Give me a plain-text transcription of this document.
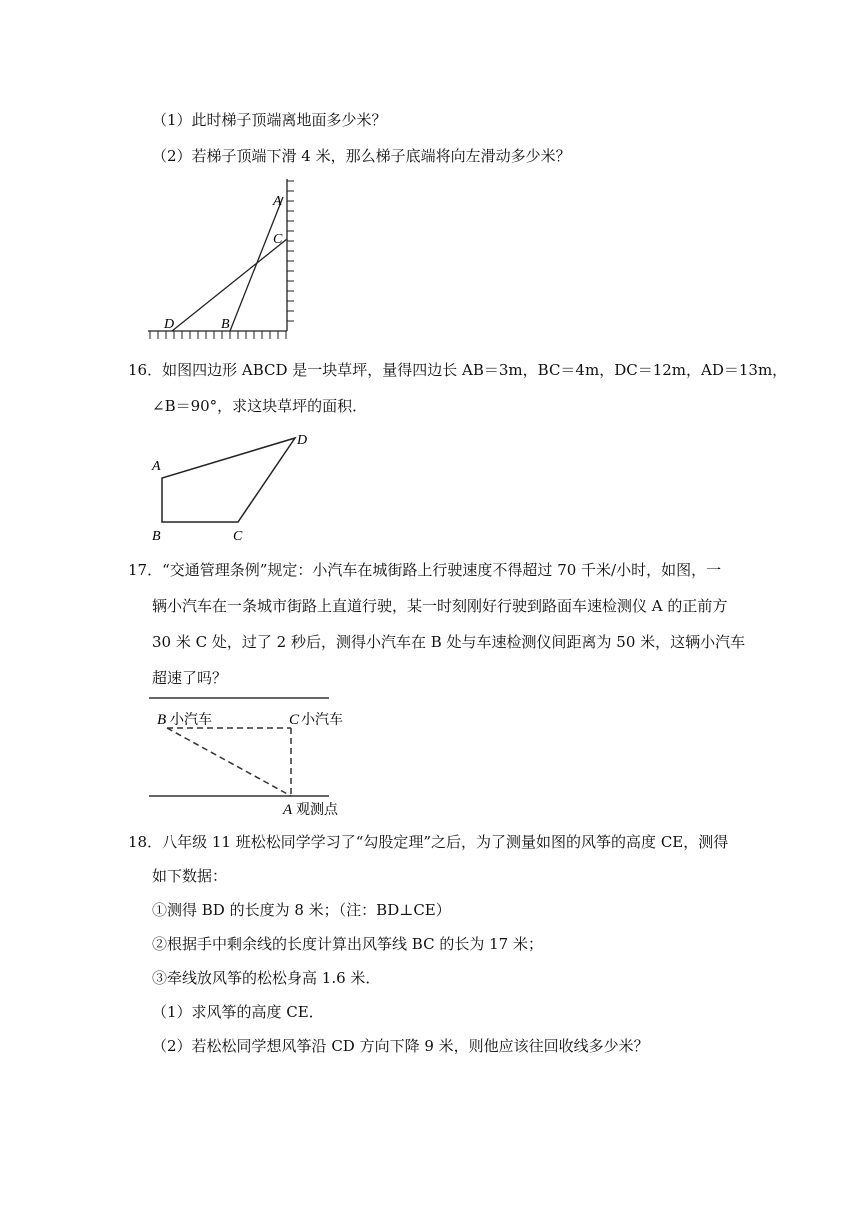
（1）此时梯子顶端离地面多少米？
（2）若梯子顶端下滑 4 米，那么梯子底端将向左滑动多少米？
A
C
D	B
16．如图四边形 ABCD 是一块草坪，量得四边长 AB＝3m，BC＝4m，DC＝12m，AD＝13m，
∠B＝90°，求这块草坪的面积．
A
B	C
D
17．“交通管理条例”规定：小汽车在城街路上行驶速度不得超过 70 千米/小时，如图，一
辆小汽车在一条城市街路上直道行驶，某一时刻刚好行驶到路面车速检测仪 A 的正前方
30 米 C 处，过了 2 秒后，测得小汽车在 B 处与车速检测仪间距离为 50 米，这辆小汽车
超速了吗？
B 小汽车	C 小汽车
A 观测点
18．八年级 11 班松松同学学习了“勾股定理”之后，为了测量如图的风筝的高度 CE，测得
如下数据：
①测得 BD 的长度为 8 米；（注：BD⊥CE）
②根据手中剩余线的长度计算出风筝线 BC 的长为 17 米；
③牵线放风筝的松松身高 1.6 米．
（1）求风筝的高度 CE．
（2）若松松同学想风筝沿 CD 方向下降 9 米，则他应该往回收线多少米？
